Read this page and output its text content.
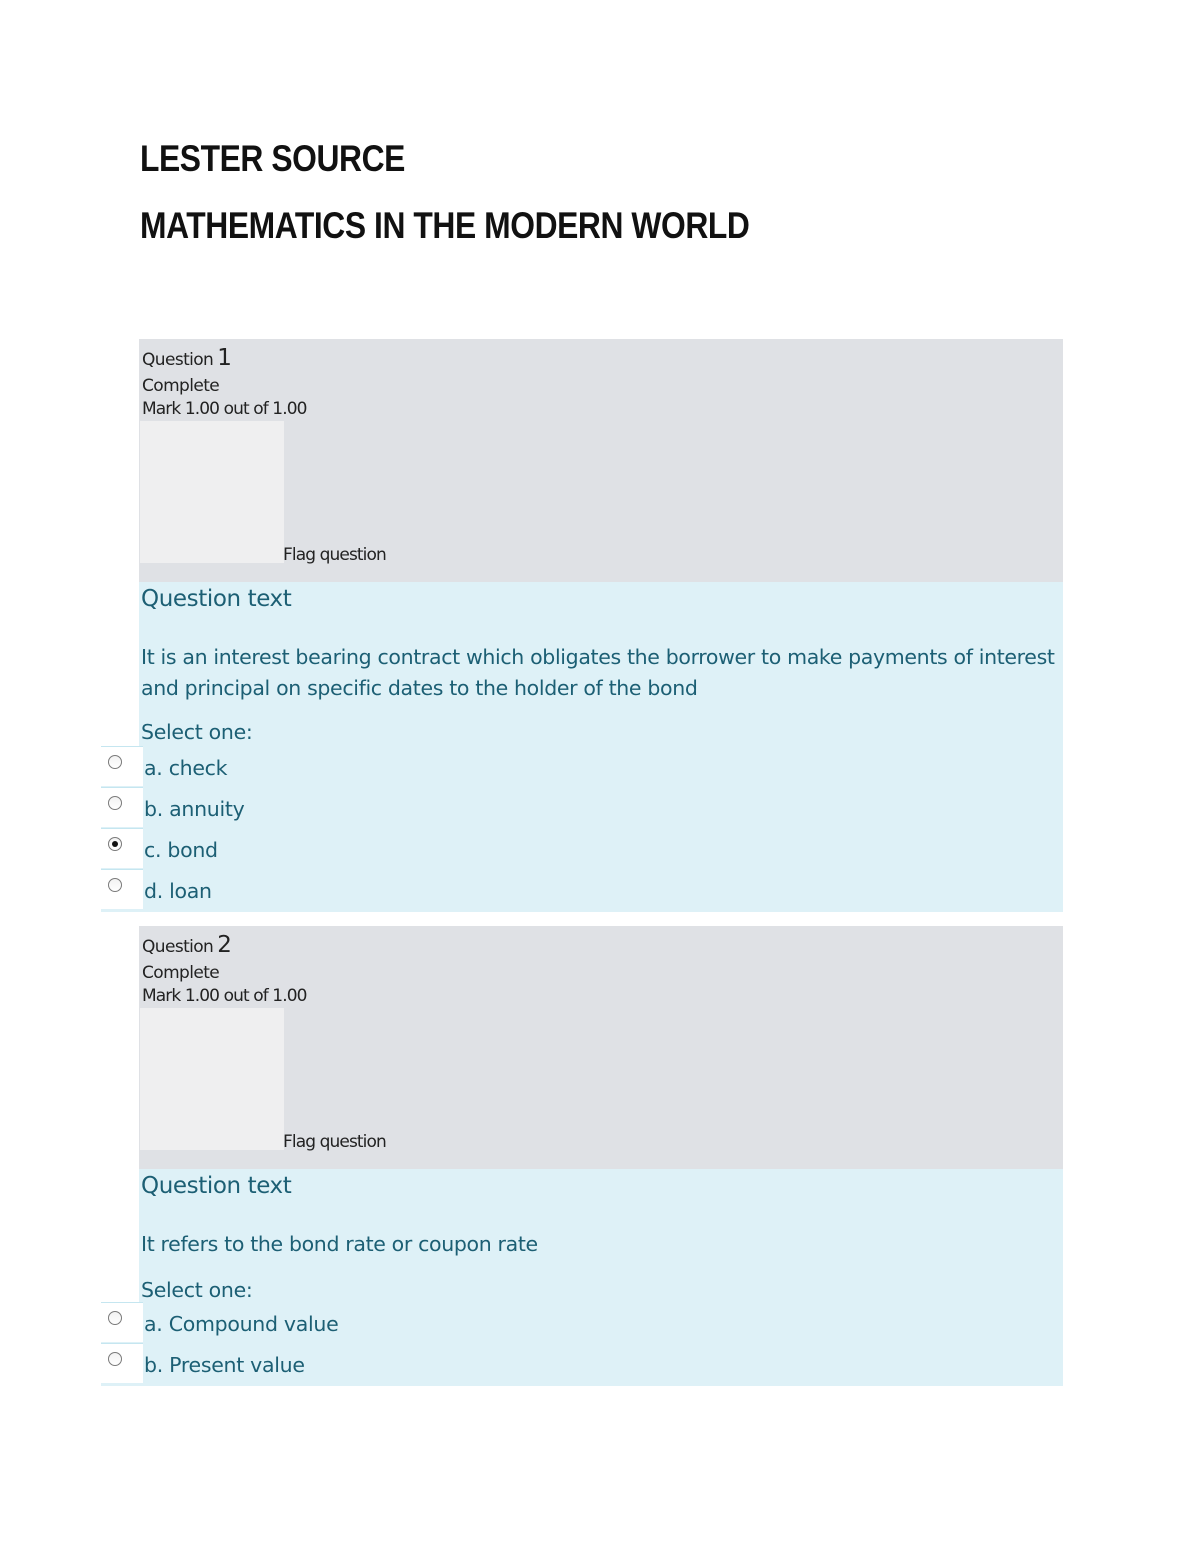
LESTER SOURCE
MATHEMATICS IN THE MODERN WORLD
Question 1
Complete
Mark 1.00 out of 1.00
Flag question
Question text
It is an interest bearing contract which obligates the borrower to make payments of interest and principal on specific dates to the holder of the bond
Select one:
a. check
b. annuity
c. bond
d. loan
Question 2
Complete
Mark 1.00 out of 1.00
Flag question
Question text
It refers to the bond rate or coupon rate
Select one:
a. Compound value
b. Present value
